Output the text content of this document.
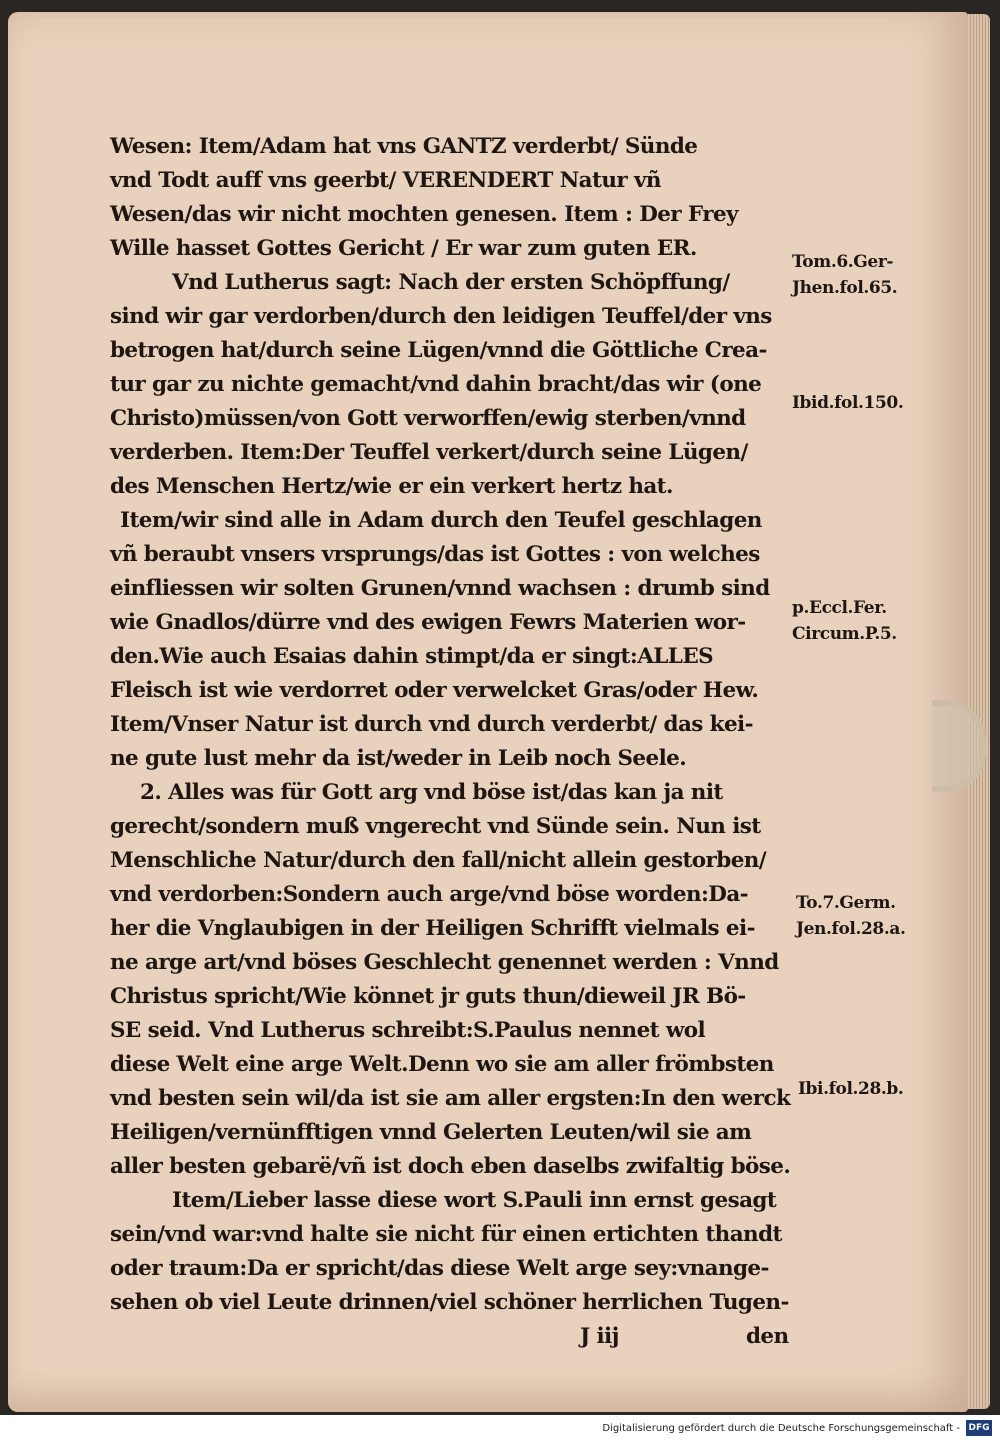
Wesen: Item/Adam hat vns GANTZ verderbt/ Sünde
vnd Todt auff vns geerbt/ VERENDERT Natur vñ
Wesen/das wir nicht mochten genesen. Item : Der Frey
Wille hasset Gottes Gericht / Er war zum guten ER.
Vnd Lutherus sagt: Nach der ersten Schöpffung/
sind wir gar verdorben/durch den leidigen Teuffel/der vns
betrogen hat/durch seine Lügen/vnnd die Göttliche Crea-
tur gar zu nichte gemacht/vnd dahin bracht/das wir (one
Christo)müssen/von Gott verworffen/ewig sterben/vnnd
verderben. Item:Der Teuffel verkert/durch seine Lügen/
des Menschen Hertz/wie er ein verkert hertz hat.
Item/wir sind alle in Adam durch den Teufel geschlagen
vñ beraubt vnsers vrsprungs/das ist Gottes : von welches
einfliessen wir solten Grunen/vnnd wachsen : drumb sind
wie Gnadlos/dürre vnd des ewigen Fewrs Materien wor-
den.Wie auch Esaias dahin stimpt/da er singt:ALLES
Fleisch ist wie verdorret oder verwelcket Gras/oder Hew.
Item/Vnser Natur ist durch vnd durch verderbt/ das kei-
ne gute lust mehr da ist/weder in Leib noch Seele.
2. Alles was für Gott arg vnd böse ist/das kan ja nit
gerecht/sondern muß vngerecht vnd Sünde sein. Nun ist
Menschliche Natur/durch den fall/nicht allein gestorben/
vnd verdorben:Sondern auch arge/vnd böse worden:Da-
her die Vnglaubigen in der Heiligen Schrifft vielmals ei-
ne arge art/vnd böses Geschlecht genennet werden : Vnnd
Christus spricht/Wie könnet jr guts thun/dieweil JR Bö-
SE seid. Vnd Lutherus schreibt:S.Paulus nennet wol
diese Welt eine arge Welt.Denn wo sie am aller frömbsten
vnd besten sein wil/da ist sie am aller ergsten:In den werck
Heiligen/vernünfftigen vnnd Gelerten Leuten/wil sie am
aller besten gebarë/vñ ist doch eben daselbs zwifaltig böse.
Item/Lieber lasse diese wort S.Pauli inn ernst gesagt
sein/vnd war:vnd halte sie nicht für einen ertichten thandt
oder traum:Da er spricht/das diese Welt arge sey:vnange-
sehen ob viel Leute drinnen/viel schöner herrlichen Tugen-
J iij	den
Tom.6.Ger-
Jhen.fol.65.
Ibid.fol.150.
p.Eccl.Fer.
Circum.P.5.
To.7.Germ.
Jen.fol.28.a.
Ibi.fol.28.b.
Digitalisierung gefördert durch die Deutsche Forschungsgemeinschaft - DFG
